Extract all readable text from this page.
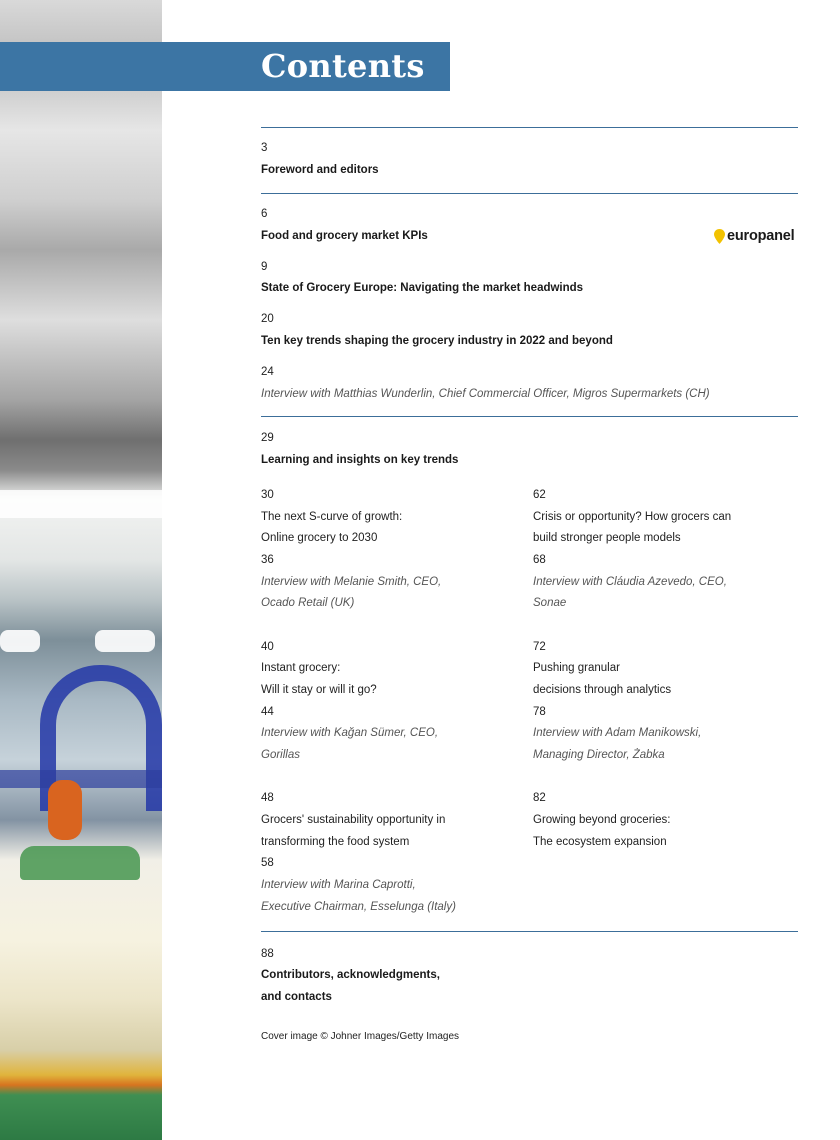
Contents
europanel
3
Foreword and editors
6
Food and grocery market KPIs
9
State of Grocery Europe: Navigating the market headwinds
20
Ten key trends shaping the grocery industry in 2022 and beyond
24
Interview with Matthias Wunderlin, Chief Commercial Officer, Migros Supermarkets (CH)
29
Learning and insights on key trends
30
The next S-curve of growth:
Online grocery to 2030
36
Interview with Melanie Smith, CEO,
Ocado Retail (UK)
40
Instant grocery:
Will it stay or will it go?
44
Interview with Kağan Sümer, CEO,
Gorillas
48
Grocers' sustainability opportunity in
transforming the food system
58
Interview with Marina Caprotti,
Executive Chairman, Esselunga (Italy)
62
Crisis or opportunity? How grocers can
build stronger people models
68
Interview with Cláudia Azevedo, CEO,
Sonae
72
Pushing granular
decisions through analytics
78
Interview with Adam Manikowski,
Managing Director, Żabka
82
Growing beyond groceries:
The ecosystem expansion
88
Contributors, acknowledgments,
and contacts
Cover image © Johner Images/Getty Images
